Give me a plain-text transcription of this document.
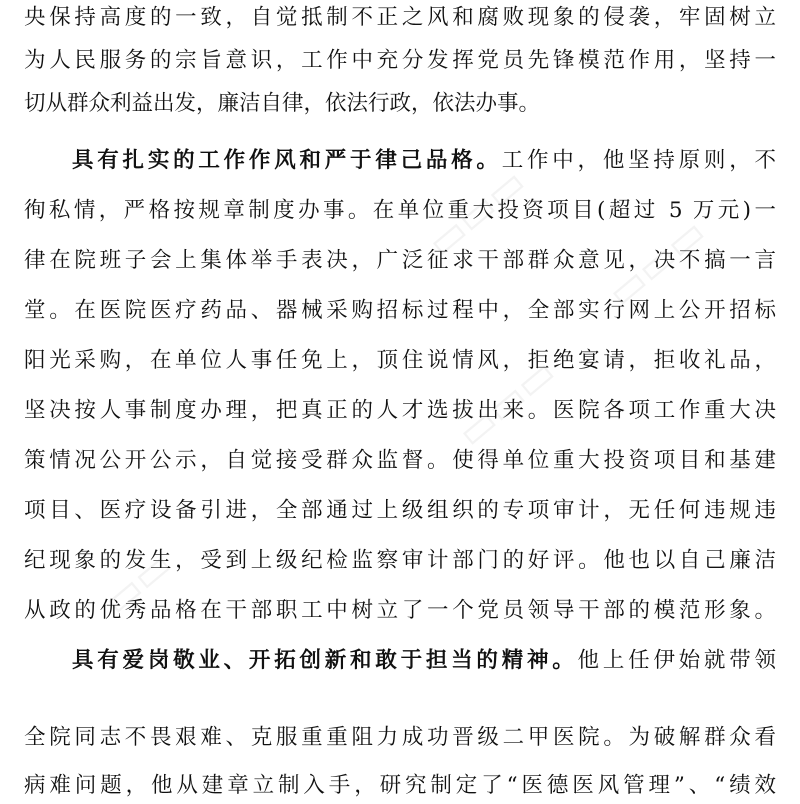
▭▭▭ ▭▭▭
▭▭▭
▭▭
央保持高度的一致，自觉抵制不正之风和腐败现象的侵袭，牢固树立
为人民服务的宗旨意识，工作中充分发挥党员先锋模范作用，坚持一
切从群众利益出发，廉洁自律，依法行政，依法办事。
具有扎实的工作作风和严于律己品格。工作中，他坚持原则，不
徇私情，严格按规章制度办事。在单位重大投资项目(超过 5 万元)一
律在院班子会上集体举手表决，广泛征求干部群众意见，决不搞一言
堂。在医院医疗药品、器械采购招标过程中，全部实行网上公开招标
阳光采购，在单位人事任免上，顶住说情风，拒绝宴请，拒收礼品，
坚决按人事制度办理，把真正的人才选拔出来。医院各项工作重大决
策情况公开公示，自觉接受群众监督。使得单位重大投资项目和基建
项目、医疗设备引进，全部通过上级组织的专项审计，无任何违规违
纪现象的发生，受到上级纪检监察审计部门的好评。他也以自己廉洁
从政的优秀品格在干部职工中树立了一个党员领导干部的模范形象。
具有爱岗敬业、开拓创新和敢于担当的精神。他上任伊始就带领
全院同志不畏艰难、克服重重阻力成功晋级二甲医院。为破解群众看
病难问题，他从建章立制入手，研究制定了“医德医风管理”、“绩效
